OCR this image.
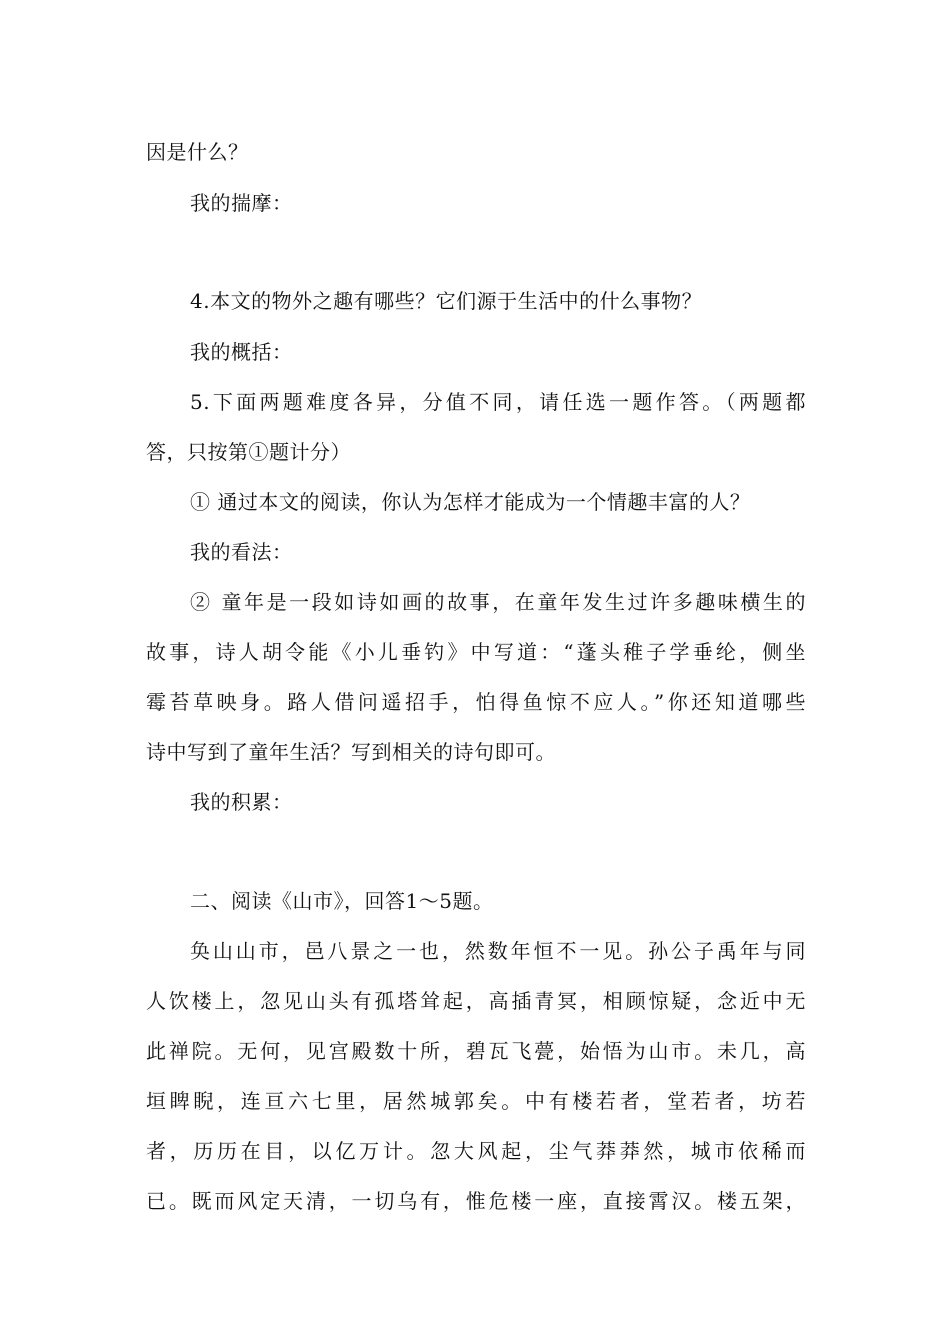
因是什么？
我的揣摩：
4.本文的物外之趣有哪些？它们源于生活中的什么事物？
我的概括：
5.下面两题难度各异，分值不同，请任选一题作答。（两题都
答，只按第①题计分）
① 通过本文的阅读，你认为怎样才能成为一个情趣丰富的人？
我的看法：
② 童年是一段如诗如画的故事，在童年发生过许多趣味横生的
故事，诗人胡令能《小儿垂钓》中写道：“蓬头稚子学垂纶，侧坐
霉苔草映身。路人借问遥招手，怕得鱼惊不应人。”你还知道哪些
诗中写到了童年生活？写到相关的诗句即可。
我的积累：
二、阅读《山市》，回答1～5题。
奂山山市，邑八景之一也，然数年恒不一见。孙公子禹年与同
人饮楼上，忽见山头有孤塔耸起，高插青冥，相顾惊疑，念近中无
此禅院。无何，见宫殿数十所，碧瓦飞甍，始悟为山市。未几，高
垣睥睨，连亘六七里，居然城郭矣。中有楼若者，堂若者，坊若
者，历历在目，以亿万计。忽大风起，尘气莽莽然，城市依稀而
已。既而风定天清，一切乌有，惟危楼一座，直接霄汉。楼五架，
